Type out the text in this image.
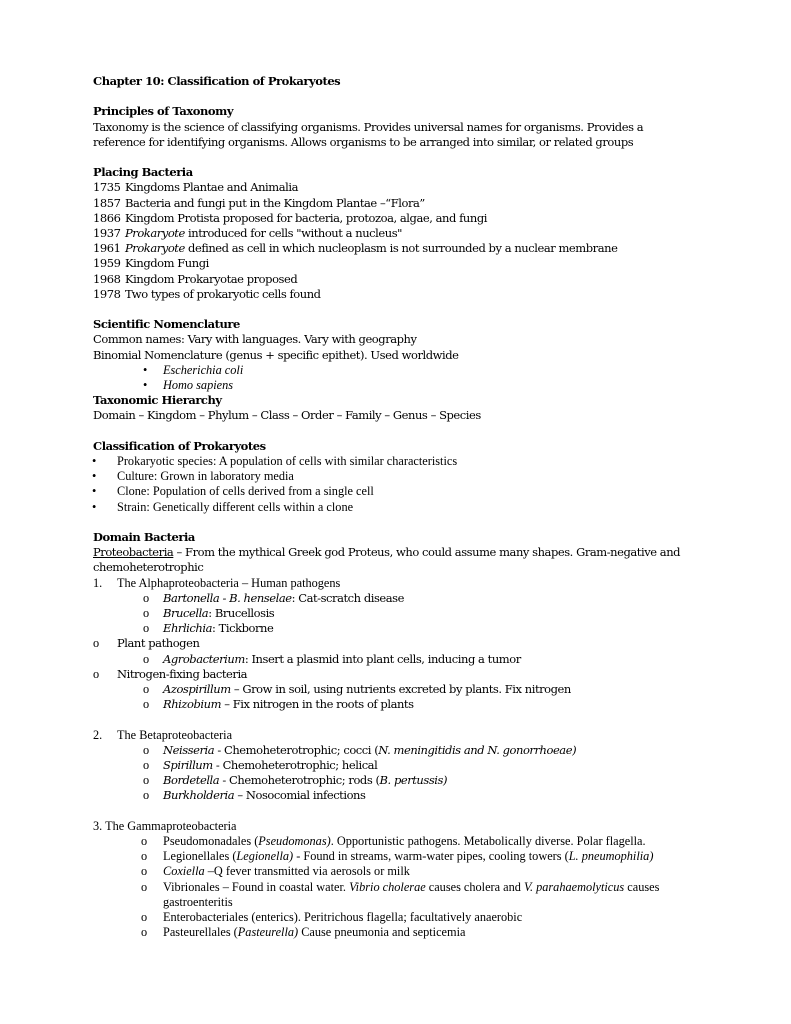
Chapter 10: Classification of Prokaryotes
Principles of Taxonomy
Taxonomy is the science of classifying organisms. Provides universal names for organisms. Provides a reference for identifying organisms. Allows organisms to be arranged into similar, or related groups
Placing Bacteria
1735 Kingdoms Plantae and Animalia
1857 Bacteria and fungi put in the Kingdom Plantae –“Flora”
1866 Kingdom Protista proposed for bacteria, protozoa, algae, and fungi
1937 Prokaryote introduced for cells "without a nucleus"
1961 Prokaryote defined as cell in which nucleoplasm is not surrounded by a nuclear membrane
1959 Kingdom Fungi
1968 Kingdom Prokaryotae proposed
1978 Two types of prokaryotic cells found
Scientific Nomenclature
Common names: Vary with languages. Vary with geography
Binomial Nomenclature (genus + specific epithet). Used worldwide
• Escherichia coli
• Homo sapiens
Taxonomic Hierarchy
Domain – Kingdom – Phylum – Class – Order – Family – Genus – Species
Classification of Prokaryotes
• Prokaryotic species: A population of cells with similar characteristics
• Culture: Grown in laboratory media
• Clone: Population of cells derived from a single cell
• Strain: Genetically different cells within a clone
Domain Bacteria
Proteobacteria – From the mythical Greek god Proteus, who could assume many shapes. Gram-negative and chemoheterotrophic
1. The Alphaproteobacteria – Human pathogens
o Bartonella - B. henselae: Cat-scratch disease
o Brucella: Brucellosis
o Ehrlichia: Tickborne
o Plant pathogen
o Agrobacterium: Insert a plasmid into plant cells, inducing a tumor
o Nitrogen-fixing bacteria
o Azospirillum – Grow in soil, using nutrients excreted by plants. Fix nitrogen
o Rhizobium – Fix nitrogen in the roots of plants
2. The Betaproteobacteria
o Neisseria - Chemoheterotrophic; cocci (N. meningitidis and N. gonorrhoeae)
o Spirillum - Chemoheterotrophic; helical
o Bordetella - Chemoheterotrophic; rods (B. pertussis)
o Burkholderia – Nosocomial infections
3. The Gammaproteobacteria
o Pseudomonadales (Pseudomonas). Opportunistic pathogens. Metabolically diverse. Polar flagella.
o Legionellales (Legionella) - Found in streams, warm-water pipes, cooling towers (L. pneumophilia)
o Coxiella –Q fever transmitted via aerosols or milk
o Vibrionales – Found in coastal water. Vibrio cholerae causes cholera and V. parahaemolyticus causes gastroenteritis
o Enterobacteriales (enterics). Peritrichous flagella; facultatively anaerobic
o Pasteurellales (Pasteurella) Cause pneumonia and septicemia
